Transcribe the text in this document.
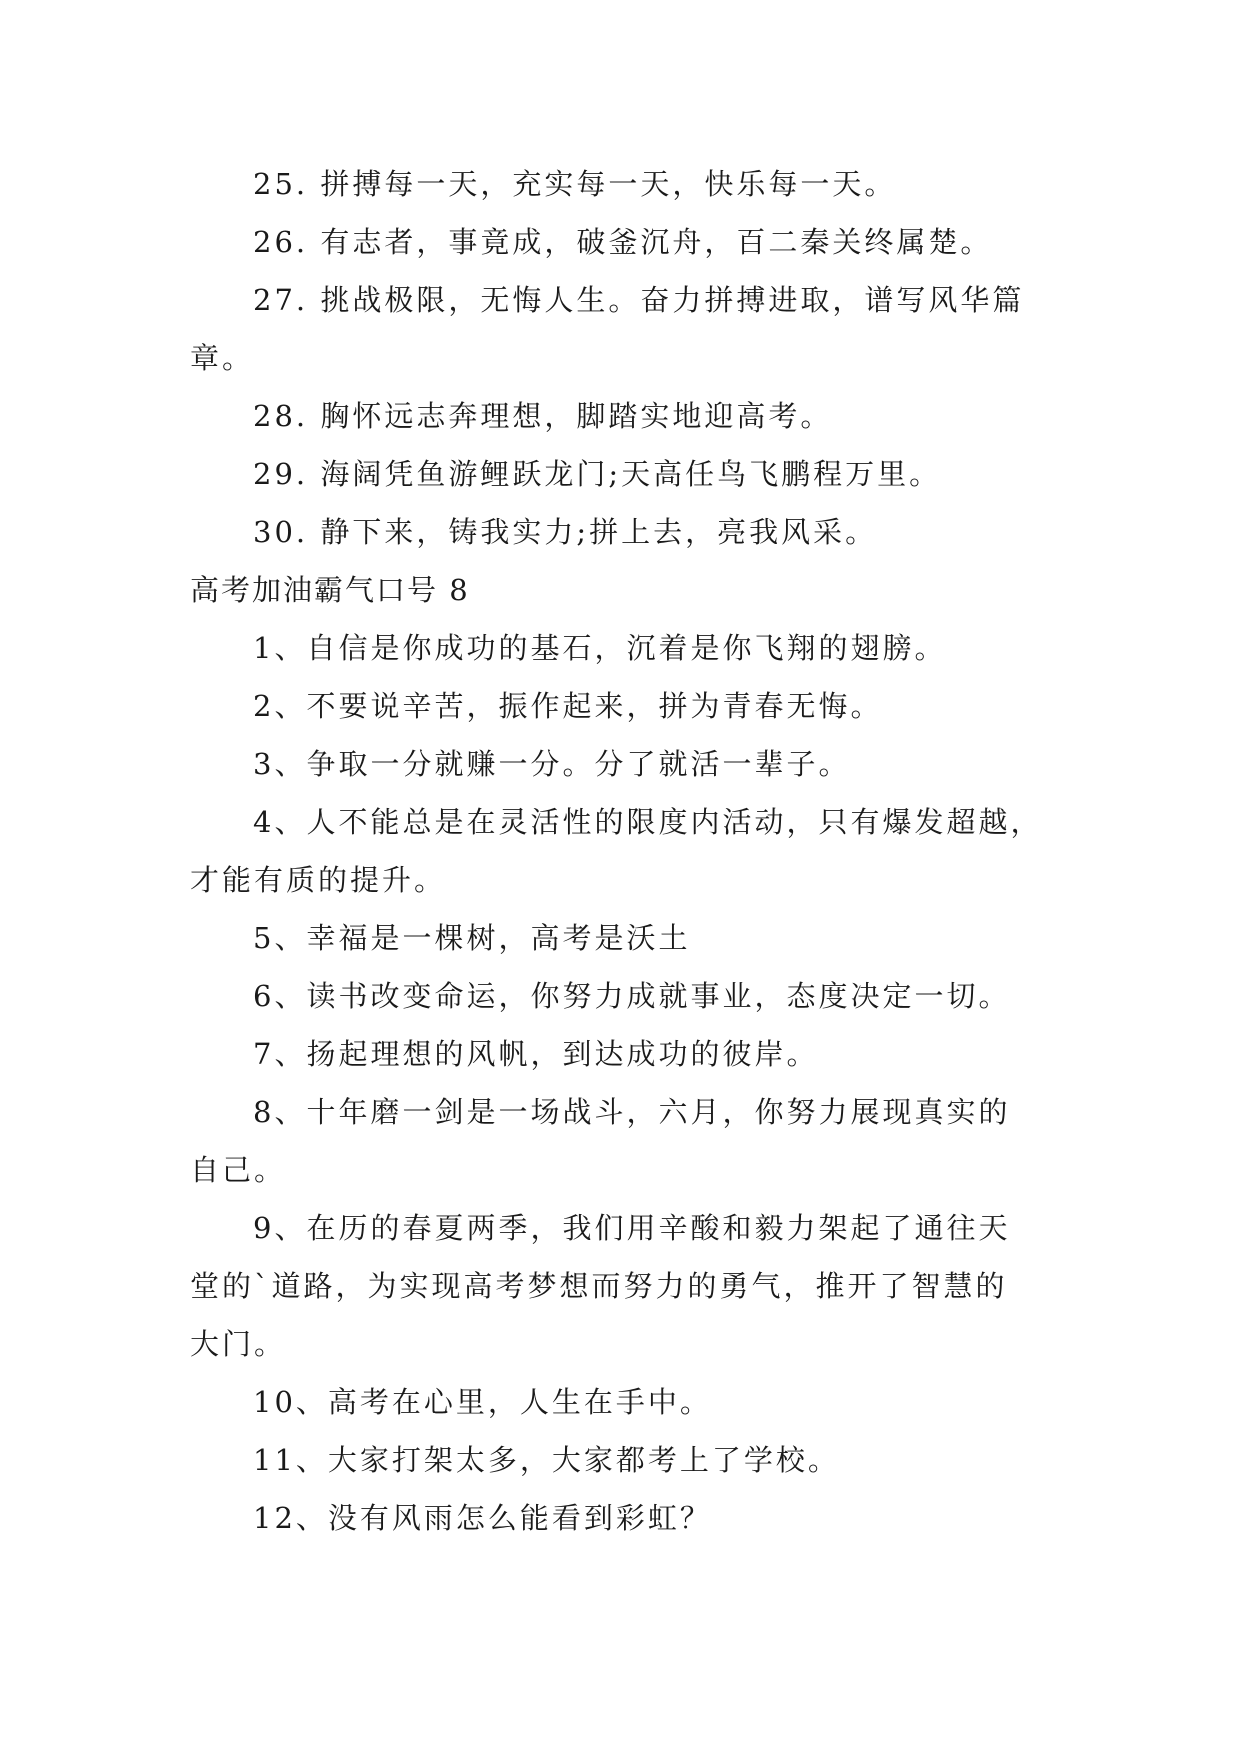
25. 拼搏每一天，充实每一天，快乐每一天。
26. 有志者，事竟成，破釜沉舟，百二秦关终属楚。
27. 挑战极限，无悔人生。奋力拼搏进取，谱写风华篇
章。
28. 胸怀远志奔理想，脚踏实地迎高考。
29. 海阔凭鱼游鲤跃龙门;天高任鸟飞鹏程万里。
30. 静下来，铸我实力;拼上去，亮我风采。
高考加油霸气口号 8
1、自信是你成功的基石，沉着是你飞翔的翅膀。
2、不要说辛苦，振作起来，拼为青春无悔。
3、争取一分就赚一分。分了就活一辈子。
4、人不能总是在灵活性的限度内活动，只有爆发超越，
才能有质的提升。
5、幸福是一棵树，高考是沃土
6、读书改变命运，你努力成就事业，态度决定一切。
7、扬起理想的风帆，到达成功的彼岸。
8、十年磨一剑是一场战斗，六月，你努力展现真实的
自己。
9、在历的春夏两季，我们用辛酸和毅力架起了通往天
堂的`道路，为实现高考梦想而努力的勇气，推开了智慧的
大门。
10、高考在心里，人生在手中。
11、大家打架太多，大家都考上了学校。
12、没有风雨怎么能看到彩虹？
